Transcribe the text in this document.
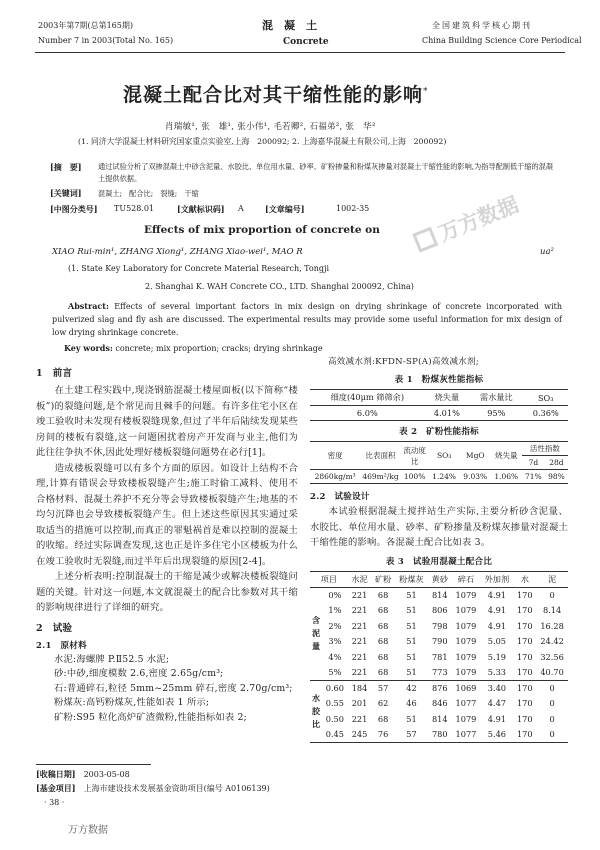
2003年第7期(总第165期)
Number 7 in 2003(Total No. 165)
混　凝　土
Concrete
全国建筑科学核心期刊
China Building Science Core Periodical
混凝土配合比对其干缩性能的影响*
肖瑞敏¹, 张　雄¹, 张小伟¹, 毛若卿², 石福弟², 张　华²
(1. 同济大学混凝土材料研究国家重点实验室,上海　200092; 2. 上海嘉华混凝土有限公司,上海　200092)
[摘　要] 通过试验分析了双掺混凝土中砂含泥量、水胶比、单位用水量、砂率、矿粉掺量和粉煤灰掺量对混凝土干缩性能的影响,为指导配制低干缩的混凝土提供依据。
[关键词] 混凝土;　配合比;　裂缝;　干缩
[中图分类号] TU528.01	[文献标识码] A	[文章编号]	1002-35
Effects of mix proportion of concrete on
XIAO Rui-min¹, ZHANG Xiong¹, ZHANG Xiao-wei¹, MAO R	ua²
(1. State Key Laboratory for Concrete Material Research, Tongji
2. Shanghai K. WAH Concrete CO., LTD. Shanghai 200092, China)
万方数据
Abstract: Effects of several important factors in mix design on drying shrinkage of concrete incorporated with pulverized slag and fly ash are discussed. The experimental results may provide some useful information for mix design of low drying shrinkage concrete.
Key words: concrete; mix proportion; cracks; drying shrinkage
1　前言

在土建工程实践中,现浇钢筋混凝土楼屋面板(以下简称“楼板”)的裂缝问题,是个常见而且棘手的问题。有许多住宅小区在竣工验收时未发现有楼板裂缝现象,但过了半年后陆续发现某些房间的楼板有裂缝,这一问题困扰着房产开发商与业主,他们为此往往争执不休,因此处理好楼板裂缝问题势在必行[1]。

造成楼板裂缝可以有多个方面的原因。如设计上结构不合理,计算有错误会导致楼板裂缝产生;施工时偷工减料、使用不合格材料、混凝土养护不充分等会导致楼板裂缝产生;地基的不均匀沉降也会导致楼板裂缝产生。但上述这些原因其实通过采取适当的措施可以控制,而真正的罪魁祸首是难以控制的混凝土的收缩。经过实际调查发现,这也正是许多住宅小区楼板为什么在竣工验收时无裂缝,而过半年后出现裂缝的原因[2-4]。

上述分析表明:控制混凝土的干缩是减少或解决楼板裂缝问题的关键。针对这一问题,本文就混凝土的配合比参数对其干缩的影响规律进行了详细的研究。

2　试验
2.1　原材料
水泥:海螺牌 P.Ⅱ52.5 水泥;
砂:中砂,细度模数 2.6,密度 2.65g/cm³;
石:普通碎石,粒径 5mm~25mm 碎石,密度 2.70g/cm³;
粉煤灰:高钙粉煤灰,性能如表 1 所示;
矿粉:S95 粒化高炉矿渣微粉,性能指标如表 2;
[收稿日期]　 2003-05-08
[基金项目]　 上海市建设技术发展基金资助项目(编号 A0106139)
· 38 ·
万方数据
高效减水剂:KFDN-SP(A)高效减水剂;
表 1　粉煤灰性能指标
细度(40μm 筛筛余)	烧失量	需水量比	SO₃
6.0%	4.01%	95%	0.36%
表 2　矿粉性能指标
密度	比表面积	流动度比	SO₃	MgO	烧失量	活性指数	
						7d	28d
2860kg/m³	469m²/kg	100%	1.24%	9.03%	1.06%	71%	98%
2.2　试验设计

本试验根据混凝土搅拌站生产实际,主要分析砂含泥量、水胶比、单位用水量、砂率、矿粉掺量及粉煤灰掺量对混凝土干缩性能的影响。各混凝土配合比如表 3。

表 3　试验用混凝土配合比
项目		水泥	矿粉	粉煤灰	黄砂	碎石	外加剂	水	泥
含泥量	0%	221	68	51	814	1079	4.91	170	0
	1%	221	68	51	806	1079	4.91	170	8.14
	2%	221	68	51	798	1079	4.91	170	16.28
	3%	221	68	51	790	1079	5.05	170	24.42
	4%	221	68	51	781	1079	5.19	170	32.56
	5%	221	68	51	773	1079	5.33	170	40.70
水胶比	0.60	184	57	42	876	1069	3.40	170	0
	0.55	201	62	46	846	1077	4.47	170	0
	0.50	221	68	51	814	1079	4.91	170	0
	0.45	245	76	57	780	1077	5.46	170	0
